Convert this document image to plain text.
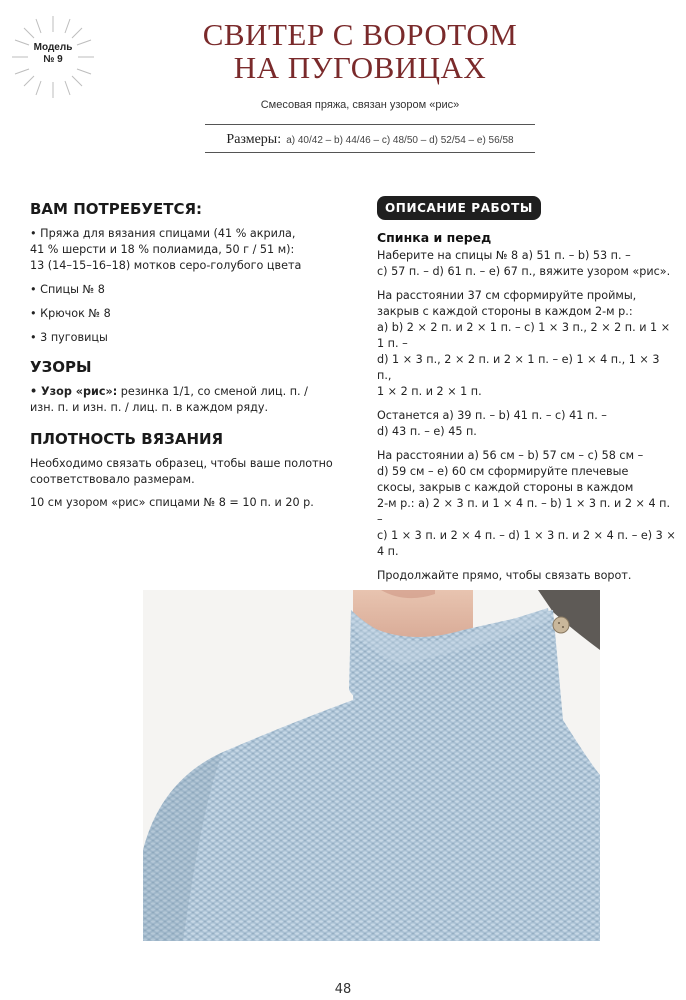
Модель
№ 9
СВИТЕР С ВОРОТОМ
НА ПУГОВИЦАХ
Смесовая пряжа, связан узором «рис»
Размеры: a) 40/42 – b) 44/46 – c) 48/50 – d) 52/54 – e) 56/58
ВАМ ПОТРЕБУЕТСЯ:

• Пряжа для вязания спицами (41 % акрила,

41 % шерсти и 18 % полиамида, 50 г / 51 м):

13 (14–15–16–18) мотков серо-голубого цвета

• Спицы № 8

• Крючок № 8

• 3 пуговицы

УЗОРЫ

• Узор «рис»: резинка 1/1, со сменой лиц. п. /

изн. п. и изн. п. / лиц. п. в каждом ряду.

ПЛОТНОСТЬ ВЯЗАНИЯ

Необходимо связать образец, чтобы ваше полотно

соответствовало размерам.

10 см узором «рис» спицами № 8 = 10 п. и 20 р.

ОПИСАНИЕ РАБОТЫ
Спинка и перед

Наберите на спицы № 8 a) 51 п. – b) 53 п. –

c) 57 п. – d) 61 п. – e) 67 п., вяжите узором «рис».

На расстоянии 37 см сформируйте проймы,

закрыв с каждой стороны в каждом 2-м р.:

a) b) 2 × 2 п. и 2 × 1 п. – c) 1 × 3 п., 2 × 2 п. и 1 × 1 п. –

d) 1 × 3 п., 2 × 2 п. и 2 × 1 п. – e) 1 × 4 п., 1 × 3 п.,

1 × 2 п. и 2 × 1 п.

Останется a) 39 п. – b) 41 п. – c) 41 п. –

d) 43 п. – e) 45 п.

На расстоянии a) 56 см – b) 57 см – c) 58 см –

d) 59 см – e) 60 см сформируйте плечевые

скосы, закрыв с каждой стороны в каждом

2-м р.: a) 2 × 3 п. и 1 × 4 п. – b) 1 × 3 п. и 2 × 4 п. –

c) 1 × 3 п. и 2 × 4 п. – d) 1 × 3 п. и 2 × 4 п. – e) 3 × 4 п.

Продолжайте прямо, чтобы связать ворот.

48
